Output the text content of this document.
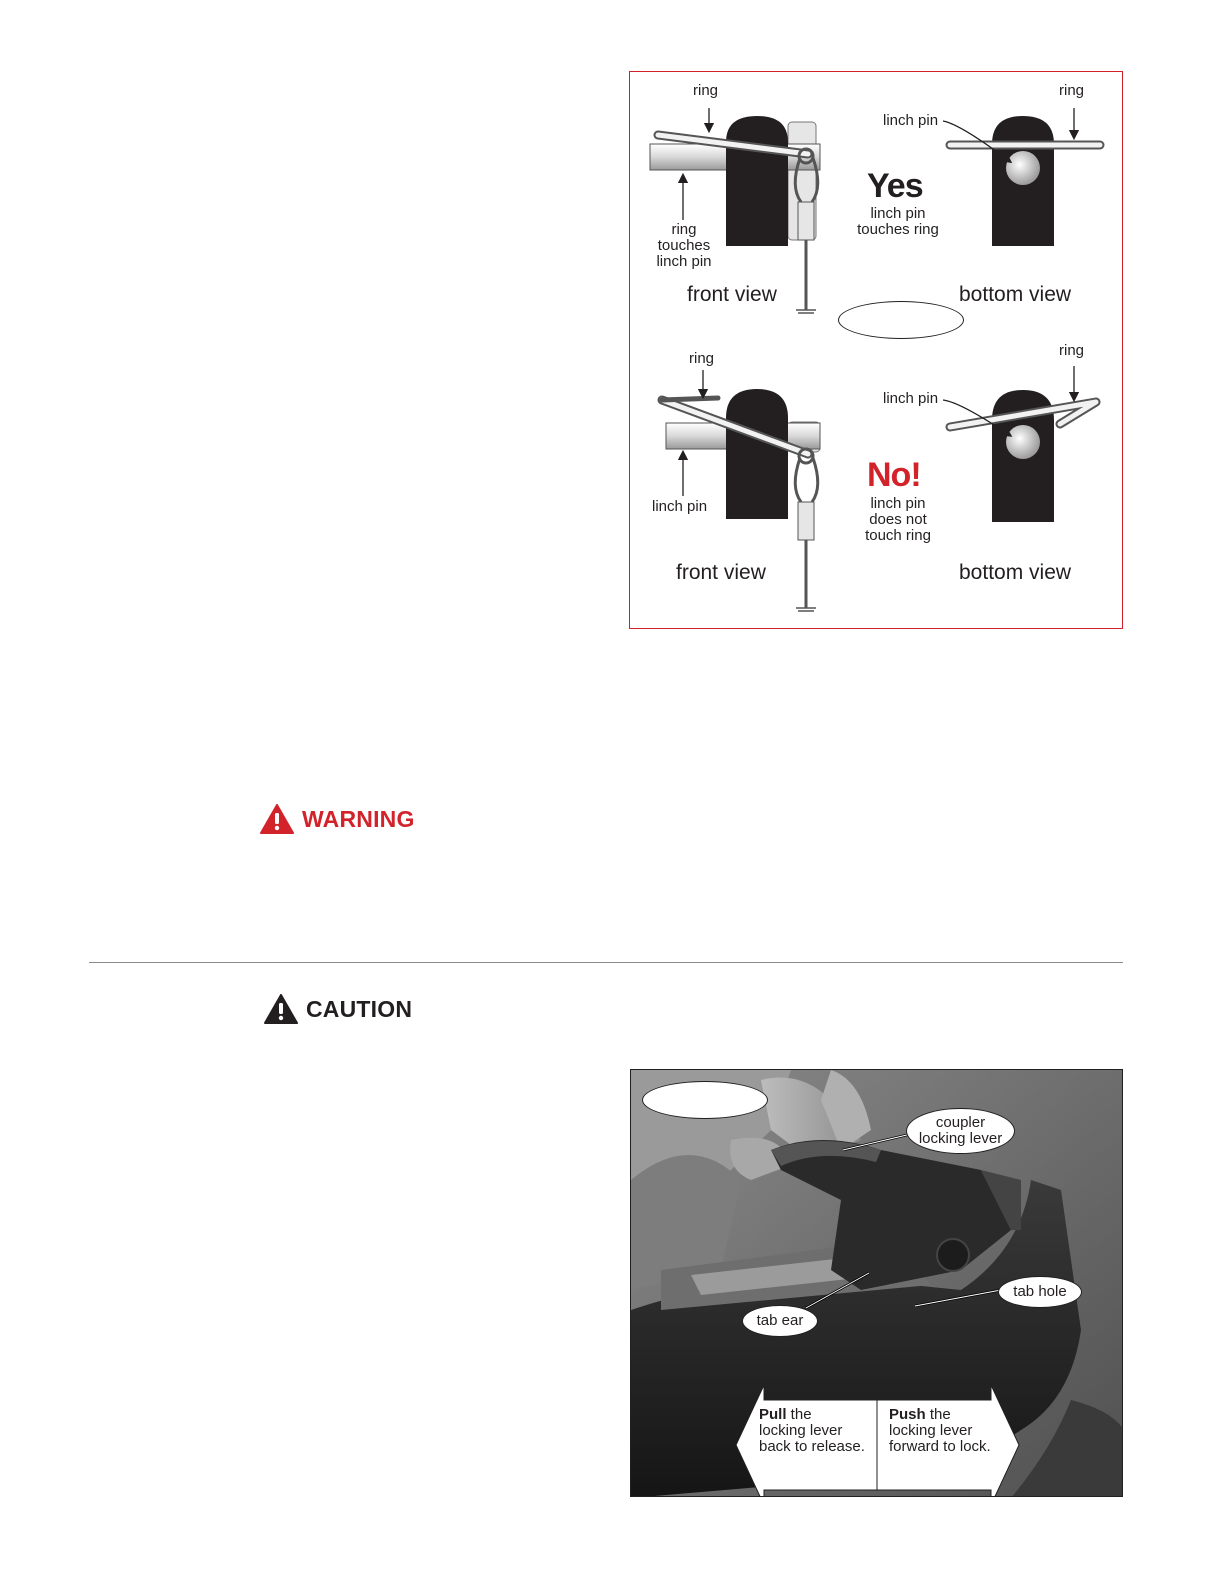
ring
ring
touches
linch pin
front view
ring
linch pin
bottom view
Yes
linch pin
touches ring
ring
linch pin
front view
ring
linch pin
bottom view
No!
linch pin
does not
touch ring
WARNING
CAUTION
coupler
locking lever
tab hole
tab ear
Pull the
locking lever
back to release.
Push the
locking lever
forward to lock.
